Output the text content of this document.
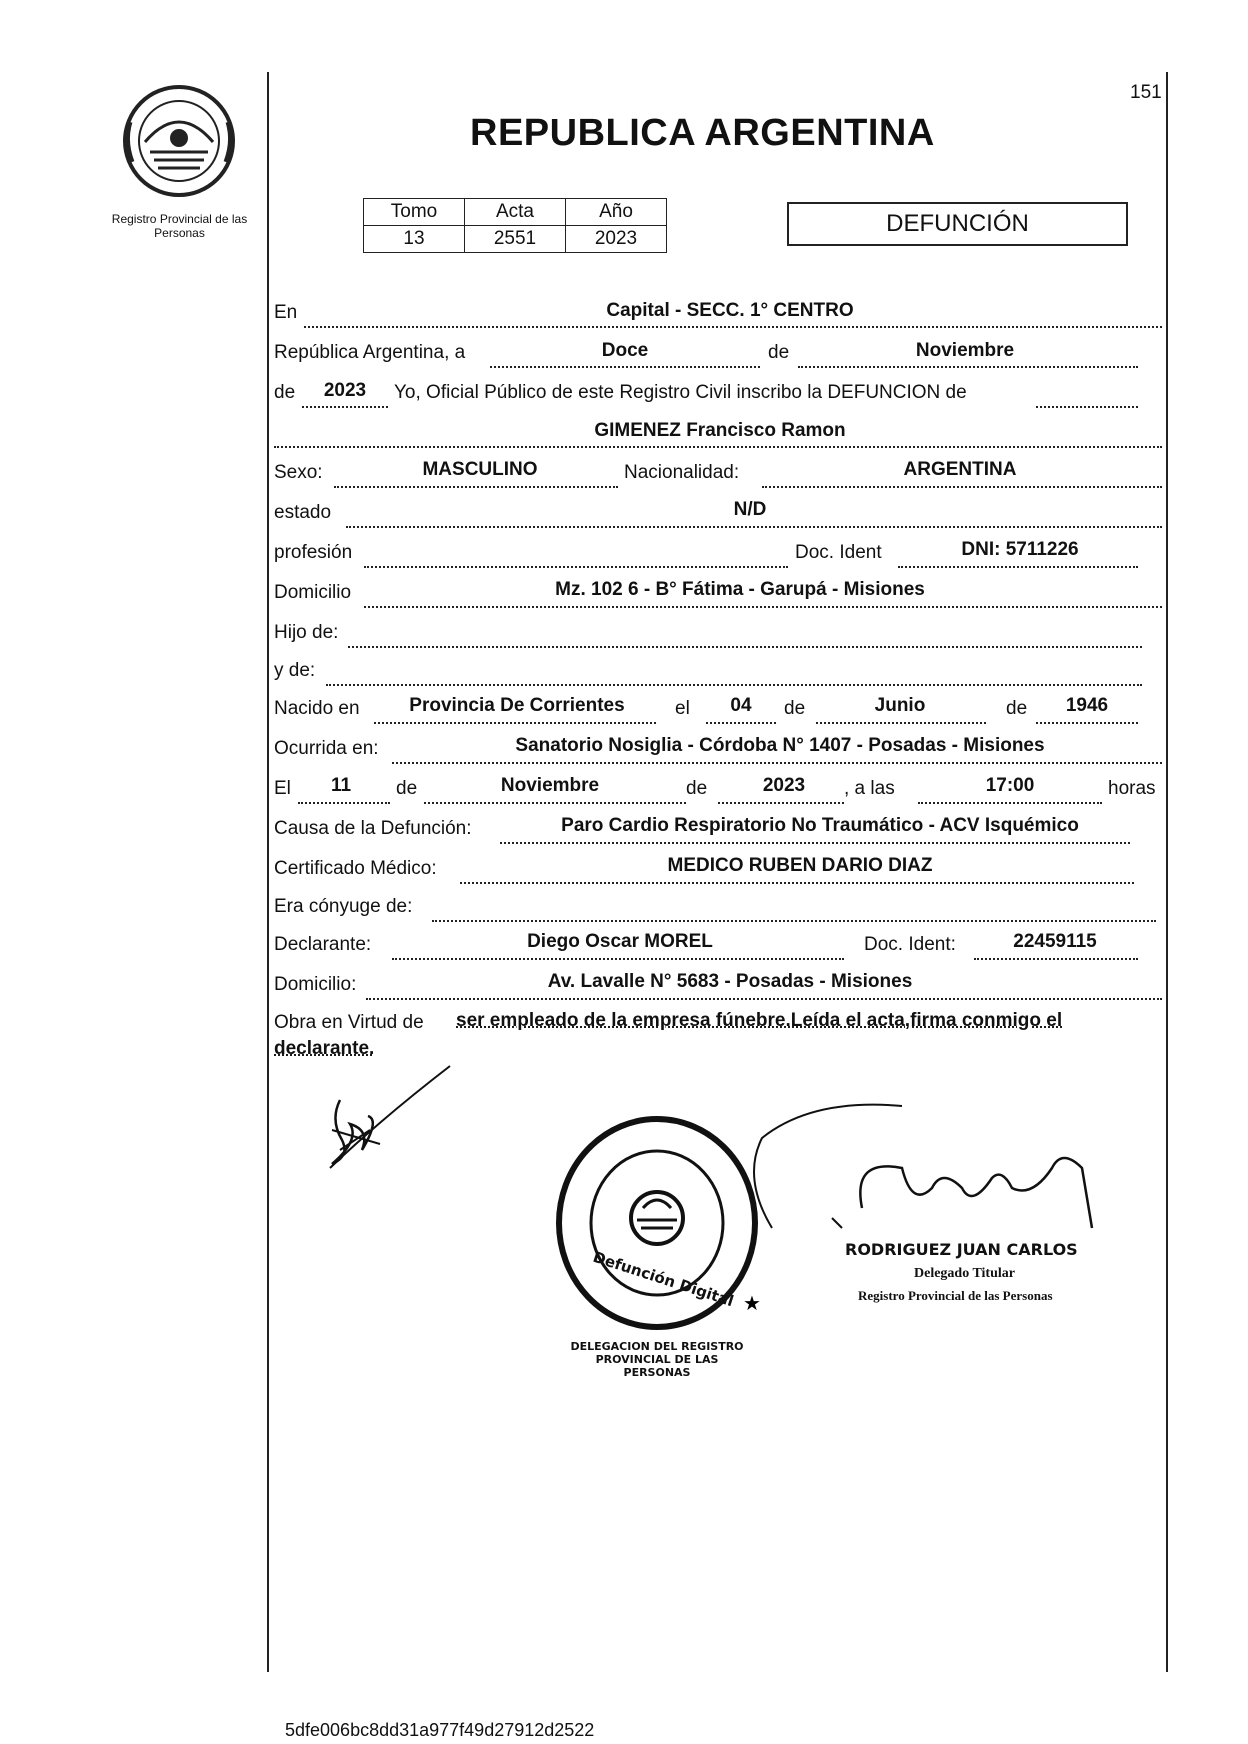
Registro Provincial de las Personas
151
REPUBLICA ARGENTINA
Tomo	Acta	Año
13	2551	2023
DEFUNCIÓN
En	Capital - SECC. 1° CENTRO
República Argentina, a	Doce	de	Noviembre
de	2023	Yo, Oficial Público de este Registro Civil inscribo la DEFUNCION de
GIMENEZ Francisco Ramon
Sexo:	MASCULINO	Nacionalidad:	ARGENTINA
estado	N/D
profesión	Doc. Ident	DNI: 5711226
Domicilio	Mz. 102 6 - B° Fátima - Garupá - Misiones
Hijo de:
y de:
Nacido en	Provincia De Corrientes	el	04	de	Junio	de	1946
Ocurrida en:	Sanatorio Nosiglia - Córdoba N° 1407 - Posadas - Misiones
El	11	de	Noviembre	de	2023	, a las	17:00	horas
Causa de la Defunción:	Paro Cardio Respiratorio No Traumático - ACV Isquémico
Certificado Médico:	MEDICO RUBEN DARIO DIAZ
Era cónyuge de:
Declarante:	Diego Oscar MOREL	Doc. Ident:	22459115
Domicilio:	Av. Lavalle N° 5683 - Posadas - Misiones
Obra en Virtud de ser empleado de la empresa fúnebre.Leída el acta,firma conmigo el
declarante.
★
DELEGACION DEL REGISTRO PROVINCIAL DE LAS PERSONAS
Defunción Digital	RODRIGUEZ JUAN CARLOS
Delegado Titular
Registro Provincial de las Personas
5dfe006bc8dd31a977f49d27912d2522
